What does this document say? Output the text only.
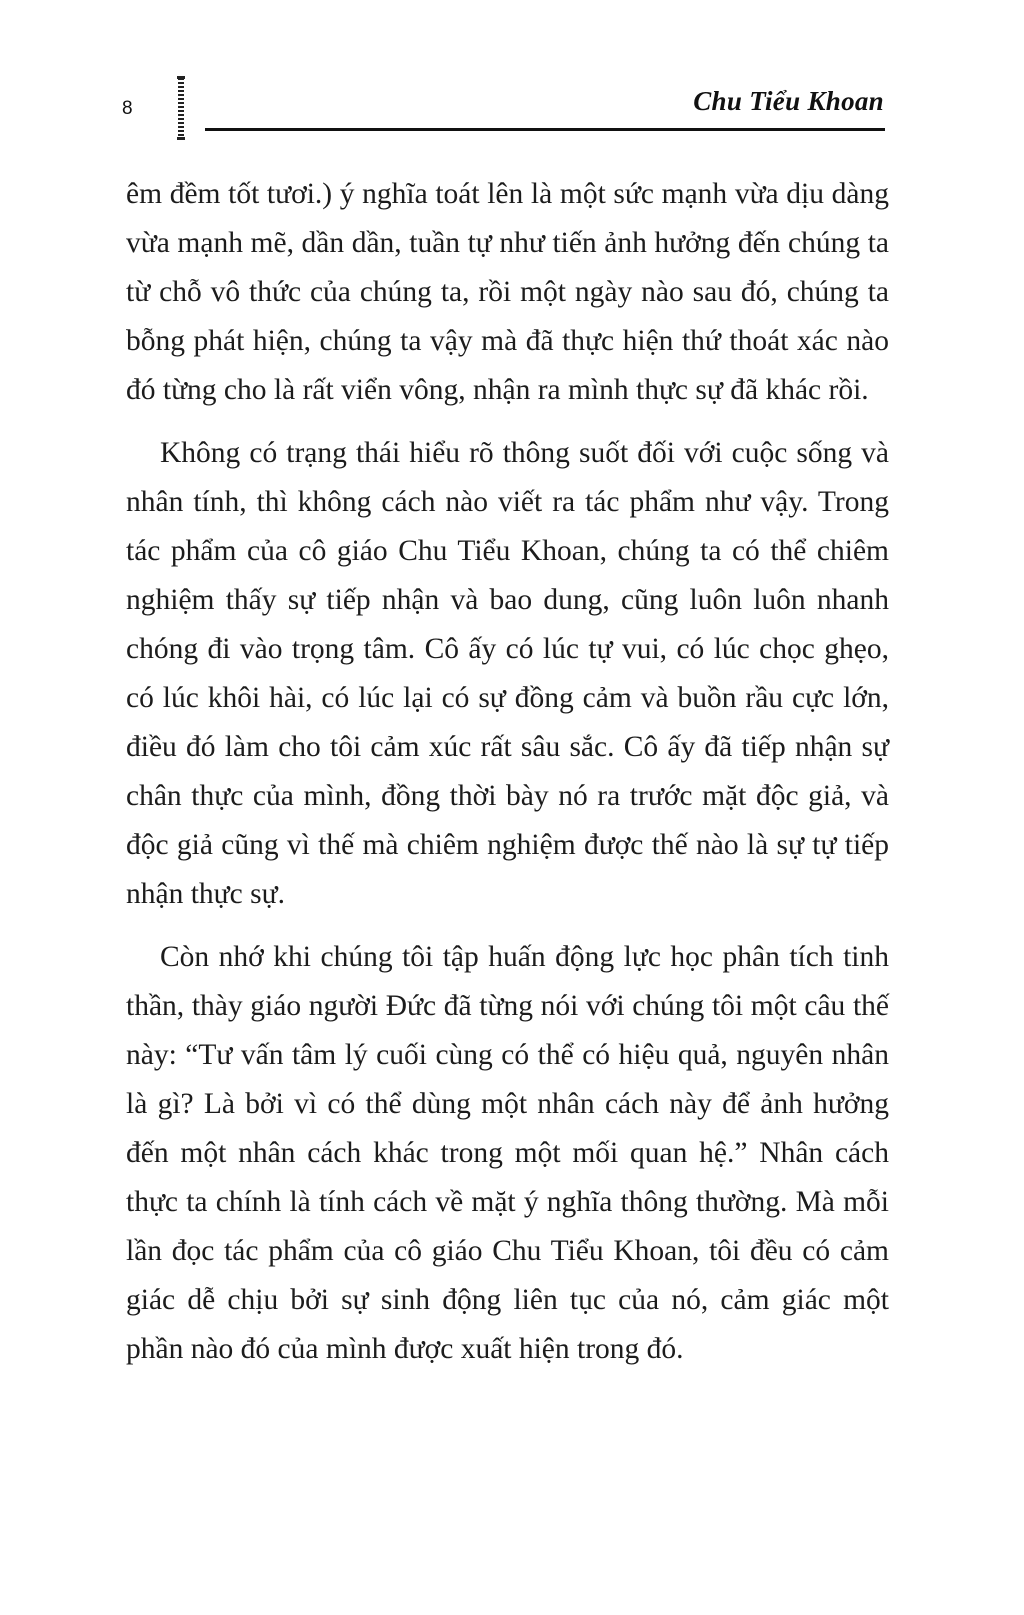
8	Chu Tiểu Khoan

êm đềm tốt tươi.) ý nghĩa toát lên là một sức mạnh vừa dịu dàng vừa mạnh mẽ, dần dần, tuần tự như tiến ảnh hưởng đến chúng ta từ chỗ vô thức của chúng ta, rồi một ngày nào sau đó, chúng ta bỗng phát hiện, chúng ta vậy mà đã thực hiện thứ thoát xác nào đó từng cho là rất viển vông, nhận ra mình thực sự đã khác rồi.

Không có trạng thái hiểu rõ thông suốt đối với cuộc sống và nhân tính, thì không cách nào viết ra tác phẩm như vậy. Trong tác phẩm của cô giáo Chu Tiểu Khoan, chúng ta có thể chiêm nghiệm thấy sự tiếp nhận và bao dung, cũng luôn luôn nhanh chóng đi vào trọng tâm. Cô ấy có lúc tự vui, có lúc chọc ghẹo, có lúc khôi hài, có lúc lại có sự đồng cảm và buồn rầu cực lớn, điều đó làm cho tôi cảm xúc rất sâu sắc. Cô ấy đã tiếp nhận sự chân thực của mình, đồng thời bày nó ra trước mặt độc giả, và độc giả cũng vì thế mà chiêm nghiệm được thế nào là sự tự tiếp nhận thực sự.

Còn nhớ khi chúng tôi tập huấn động lực học phân tích tinh thần, thày giáo người Đức đã từng nói với chúng tôi một câu thế này: “Tư vấn tâm lý cuối cùng có thể có hiệu quả, nguyên nhân là gì? Là bởi vì có thể dùng một nhân cách này để ảnh hưởng đến một nhân cách khác trong một mối quan hệ.” Nhân cách thực ta chính là tính cách về mặt ý nghĩa thông thường. Mà mỗi lần đọc tác phẩm của cô giáo Chu Tiểu Khoan, tôi đều có cảm giác dễ chịu bởi sự sinh động liên tục của nó, cảm giác một phần nào đó của mình được xuất hiện trong đó.
